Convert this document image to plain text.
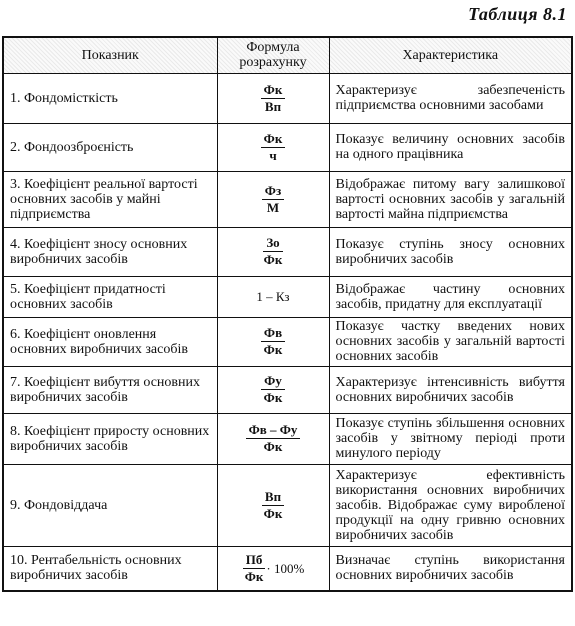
Таблиця 8.1
Показник	Формула розрахунку	Характеристика
1. Фондомісткість	$\frac{Фк}{Вп}$	Характеризує забезпеченість підприємства основними засобами
2. Фондоозброєність	$\frac{Фк}{ч}$	Показує величину основних засобів на одного працівника
3. Коефіцієнт реальної вартості основних засобів у майні підприємства	$\frac{Фз}{М}$	Відображає питому вагу залишкової вартості основних засобів у загальній вартості майна підприємства
4. Коефіцієнт зносу основних виробничих засобів	$\frac{Зо}{Фк}$	Показує ступінь зносу основних виробничих засобів
5. Коефіцієнт придатності основних засобів	1 – Кз	Відображає частину основних засобів, придатну для експлуатації
6. Коефіцієнт оновлення основних виробничих засобів	$\frac{Фв}{Фк}$	Показує частку введених нових основних засобів у загальній вартості основних засобів
7. Коефіцієнт вибуття основних виробничих засобів	$\frac{Фу}{Фк}$	Характеризує інтенсивність вибуття основних виробничих засобів
8. Коефіцієнт приросту основних виробничих засобів	$\frac{Фв - Фу}{Фк}$	Показує ступінь збільшення основних засобів у звітному періоді проти минулого періоду
9. Фондовіддача	$\frac{Вп}{Фк}$	Характеризує ефективність використання основних виробничих засобів. Відображає суму виробленої продукції на одну гривню основних виробничих засобів
10. Рентабельність основних виробничих засобів	$\frac{Пб}{Фк} \cdot 100\%$	Визначає ступінь використання основних виробничих засобів
